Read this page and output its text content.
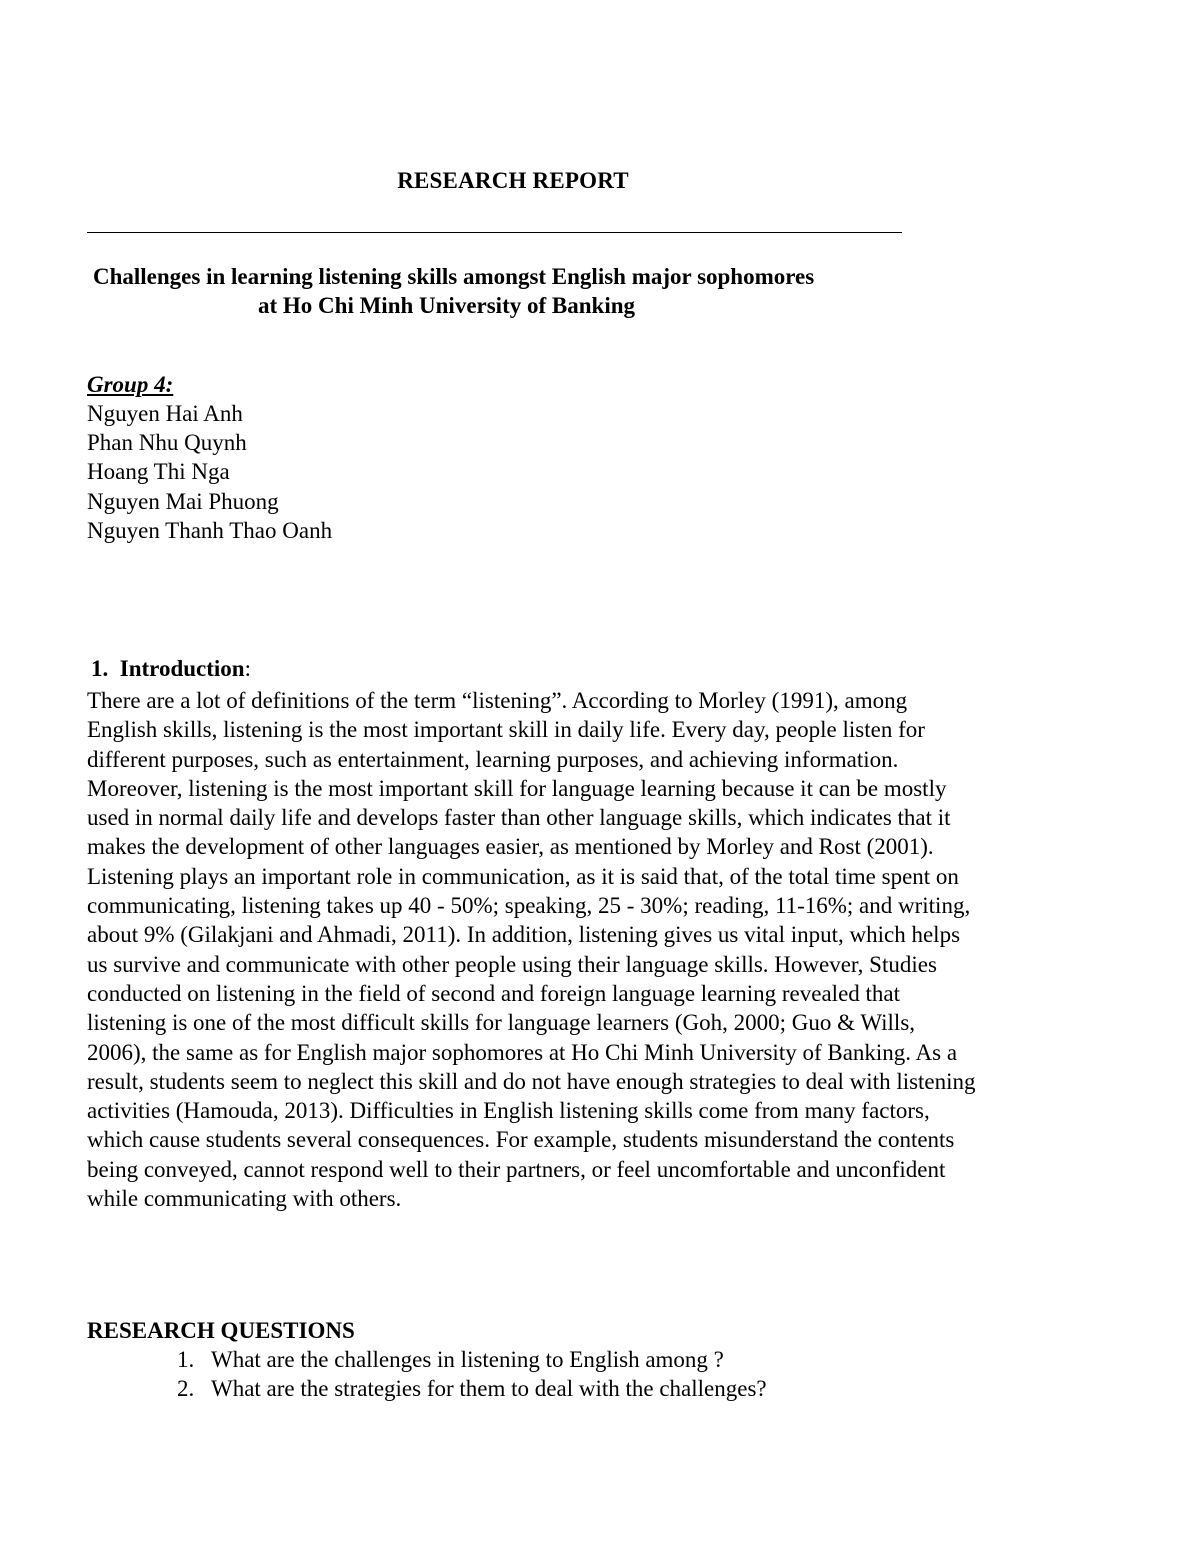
RESEARCH REPORT
Challenges in learning listening skills amongst English major sophomores
at Ho Chi Minh University of Banking
Group 4:
Nguyen Hai Anh
Phan Nhu Quynh
Hoang Thi Nga
Nguyen Mai Phuong
Nguyen Thanh Thao Oanh
1. Introduction:
There are a lot of definitions of the term “listening”. According to Morley (1991), among
English skills, listening is the most important skill in daily life. Every day, people listen for
different purposes, such as entertainment, learning purposes, and achieving information.
Moreover, listening is the most important skill for language learning because it can be mostly
used in normal daily life and develops faster than other language skills, which indicates that it
makes the development of other languages easier, as mentioned by Morley and Rost (2001).
Listening plays an important role in communication, as it is said that, of the total time spent on
communicating, listening takes up 40 - 50%; speaking, 25 - 30%; reading, 11-16%; and writing,
about 9% (Gilakjani and Ahmadi, 2011). In addition, listening gives us vital input, which helps
us survive and communicate with other people using their language skills. However, Studies
conducted on listening in the field of second and foreign language learning revealed that
listening is one of the most difficult skills for language learners (Goh, 2000; Guo & Wills,
2006), the same as for English major sophomores at Ho Chi Minh University of Banking. As a
result, students seem to neglect this skill and do not have enough strategies to deal with listening
activities (Hamouda, 2013). Difficulties in English listening skills come from many factors,
which cause students several consequences. For example, students misunderstand the contents
being conveyed, cannot respond well to their partners, or feel uncomfortable and unconfident
while communicating with others.
RESEARCH QUESTIONS
1. What are the challenges in listening to English among ?
2. What are the strategies for them to deal with the challenges?
